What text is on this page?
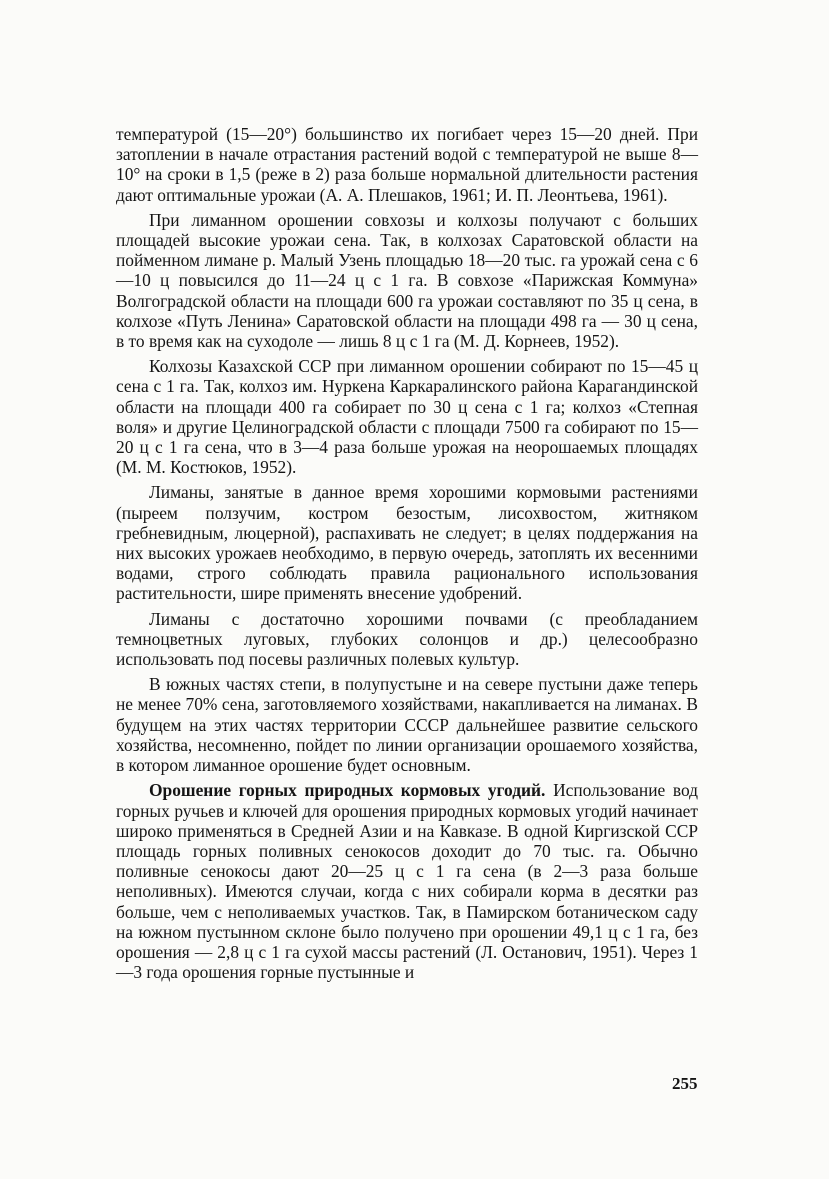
температурой (15—20°) большинство их погибает через 15—20 дней. При затоплении в начале отрастания растений водой с температурой не выше 8—10° на сроки в 1,5 (реже в 2) раза больше нормальной длительности растения дают оптимальные урожаи (А. А. Плешаков, 1961; И. П. Леонтьева, 1961).

При лиманном орошении совхозы и колхозы получают с больших площадей высокие урожаи сена. Так, в колхозах Саратовской области на пойменном лимане р. Малый Узень площадью 18—20 тыс. га урожай сена с 6—10 ц повысился до 11—24 ц с 1 га. В совхозе «Парижская Коммуна» Волгоградской области на площади 600 га урожаи составляют по 35 ц сена, в колхозе «Путь Ленина» Саратовской области на площади 498 га — 30 ц сена, в то время как на суходоле — лишь 8 ц с 1 га (М. Д. Корнеев, 1952).

Колхозы Казахской ССР при лиманном орошении собирают по 15—45 ц сена с 1 га. Так, колхоз им. Нуркена Каркаралинского района Карагандинской области на площади 400 га собирает по 30 ц сена с 1 га; колхоз «Степная воля» и другие Целиноградской области с площади 7500 га собирают по 15—20 ц с 1 га сена, что в 3—4 раза больше урожая на неорошаемых площадях (М. М. Костюков, 1952).

Лиманы, занятые в данное время хорошими кормовыми растениями (пыреем ползучим, костром безостым, лисохвостом, житняком гребневидным, люцерной), распахивать не следует; в целях поддержания на них высоких урожаев необходимо, в первую очередь, затоплять их весенними водами, строго соблюдать правила рационального использования растительности, шире применять внесение удобрений.

Лиманы с достаточно хорошими почвами (с преобладанием темноцветных луговых, глубоких солонцов и др.) целесообразно использовать под посевы различных полевых культур.

В южных частях степи, в полупустыне и на севере пустыни даже теперь не менее 70% сена, заготовляемого хозяйствами, накапливается на лиманах. В будущем на этих частях территории СССР дальнейшее развитие сельского хозяйства, несомненно, пойдет по линии организации орошаемого хозяйства, в котором лиманное орошение будет основным.

Орошение горных природных кормовых угодий. Использование вод горных ручьев и ключей для орошения природных кормовых угодий начинает широко применяться в Средней Азии и на Кавказе. В одной Киргизской ССР площадь горных поливных сенокосов доходит до 70 тыс. га. Обычно поливные сенокосы дают 20—25 ц с 1 га сена (в 2—3 раза больше неполивных). Имеются случаи, когда с них собирали корма в десятки раз больше, чем с неполиваемых участков. Так, в Памирском ботаническом саду на южном пустынном склоне было получено при орошении 49,1 ц с 1 га, без орошения — 2,8 ц с 1 га сухой массы растений (Л. Останович, 1951). Через 1—3 года орошения горные пустынные и

255
